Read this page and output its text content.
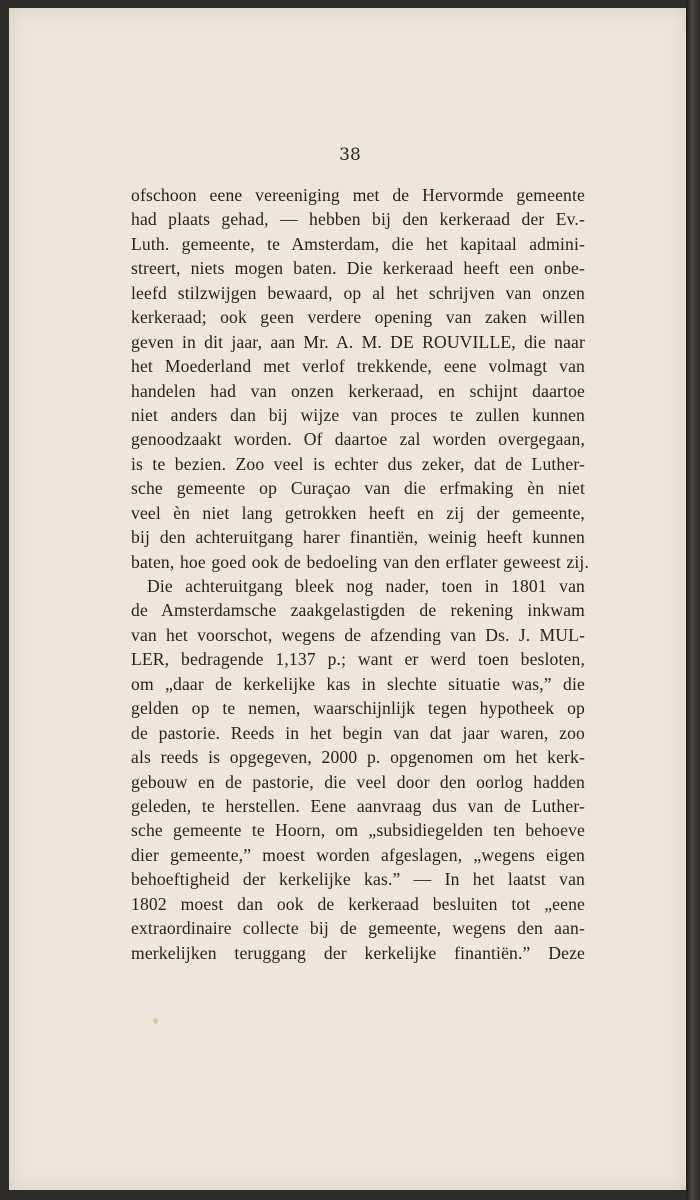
38
ofschoon eene vereeniging met de Hervormde gemeente
had plaats gehad, — hebben bij den kerkeraad der Ev.-
Luth. gemeente, te Amsterdam, die het kapitaal admini-
streert, niets mogen baten. Die kerkeraad heeft een onbe-
leefd stilzwijgen bewaard, op al het schrijven van onzen
kerkeraad; ook geen verdere opening van zaken willen
geven in dit jaar, aan Mr. A. M. DE ROUVILLE, die naar
het Moederland met verlof trekkende, eene volmagt van
handelen had van onzen kerkeraad, en schijnt daartoe
niet anders dan bij wijze van proces te zullen kunnen
genoodzaakt worden. Of daartoe zal worden overgegaan,
is te bezien. Zoo veel is echter dus zeker, dat de Luther-
sche gemeente op Curaçao van die erfmaking èn niet
veel èn niet lang getrokken heeft en zij der gemeente,
bij den achteruitgang harer finantiën, weinig heeft kunnen
baten, hoe goed ook de bedoeling van den erflater geweest zij.
Die achteruitgang bleek nog nader, toen in 1801 van
de Amsterdamsche zaakgelastigden de rekening inkwam
van het voorschot, wegens de afzending van Ds. J. MUL-
LER, bedragende 1,137 p.; want er werd toen besloten,
om „daar de kerkelijke kas in slechte situatie was,” die
gelden op te nemen, waarschijnlijk tegen hypotheek op
de pastorie. Reeds in het begin van dat jaar waren, zoo
als reeds is opgegeven, 2000 p. opgenomen om het kerk-
gebouw en de pastorie, die veel door den oorlog hadden
geleden, te herstellen. Eene aanvraag dus van de Luther-
sche gemeente te Hoorn, om „subsidiegelden ten behoeve
dier gemeente,” moest worden afgeslagen, „wegens eigen
behoeftigheid der kerkelijke kas.” — In het laatst van
1802 moest dan ook de kerkeraad besluiten tot „eene
extraordinaire collecte bij de gemeente, wegens den aan-
merkelijken teruggang der kerkelijke finantiën.” Deze
